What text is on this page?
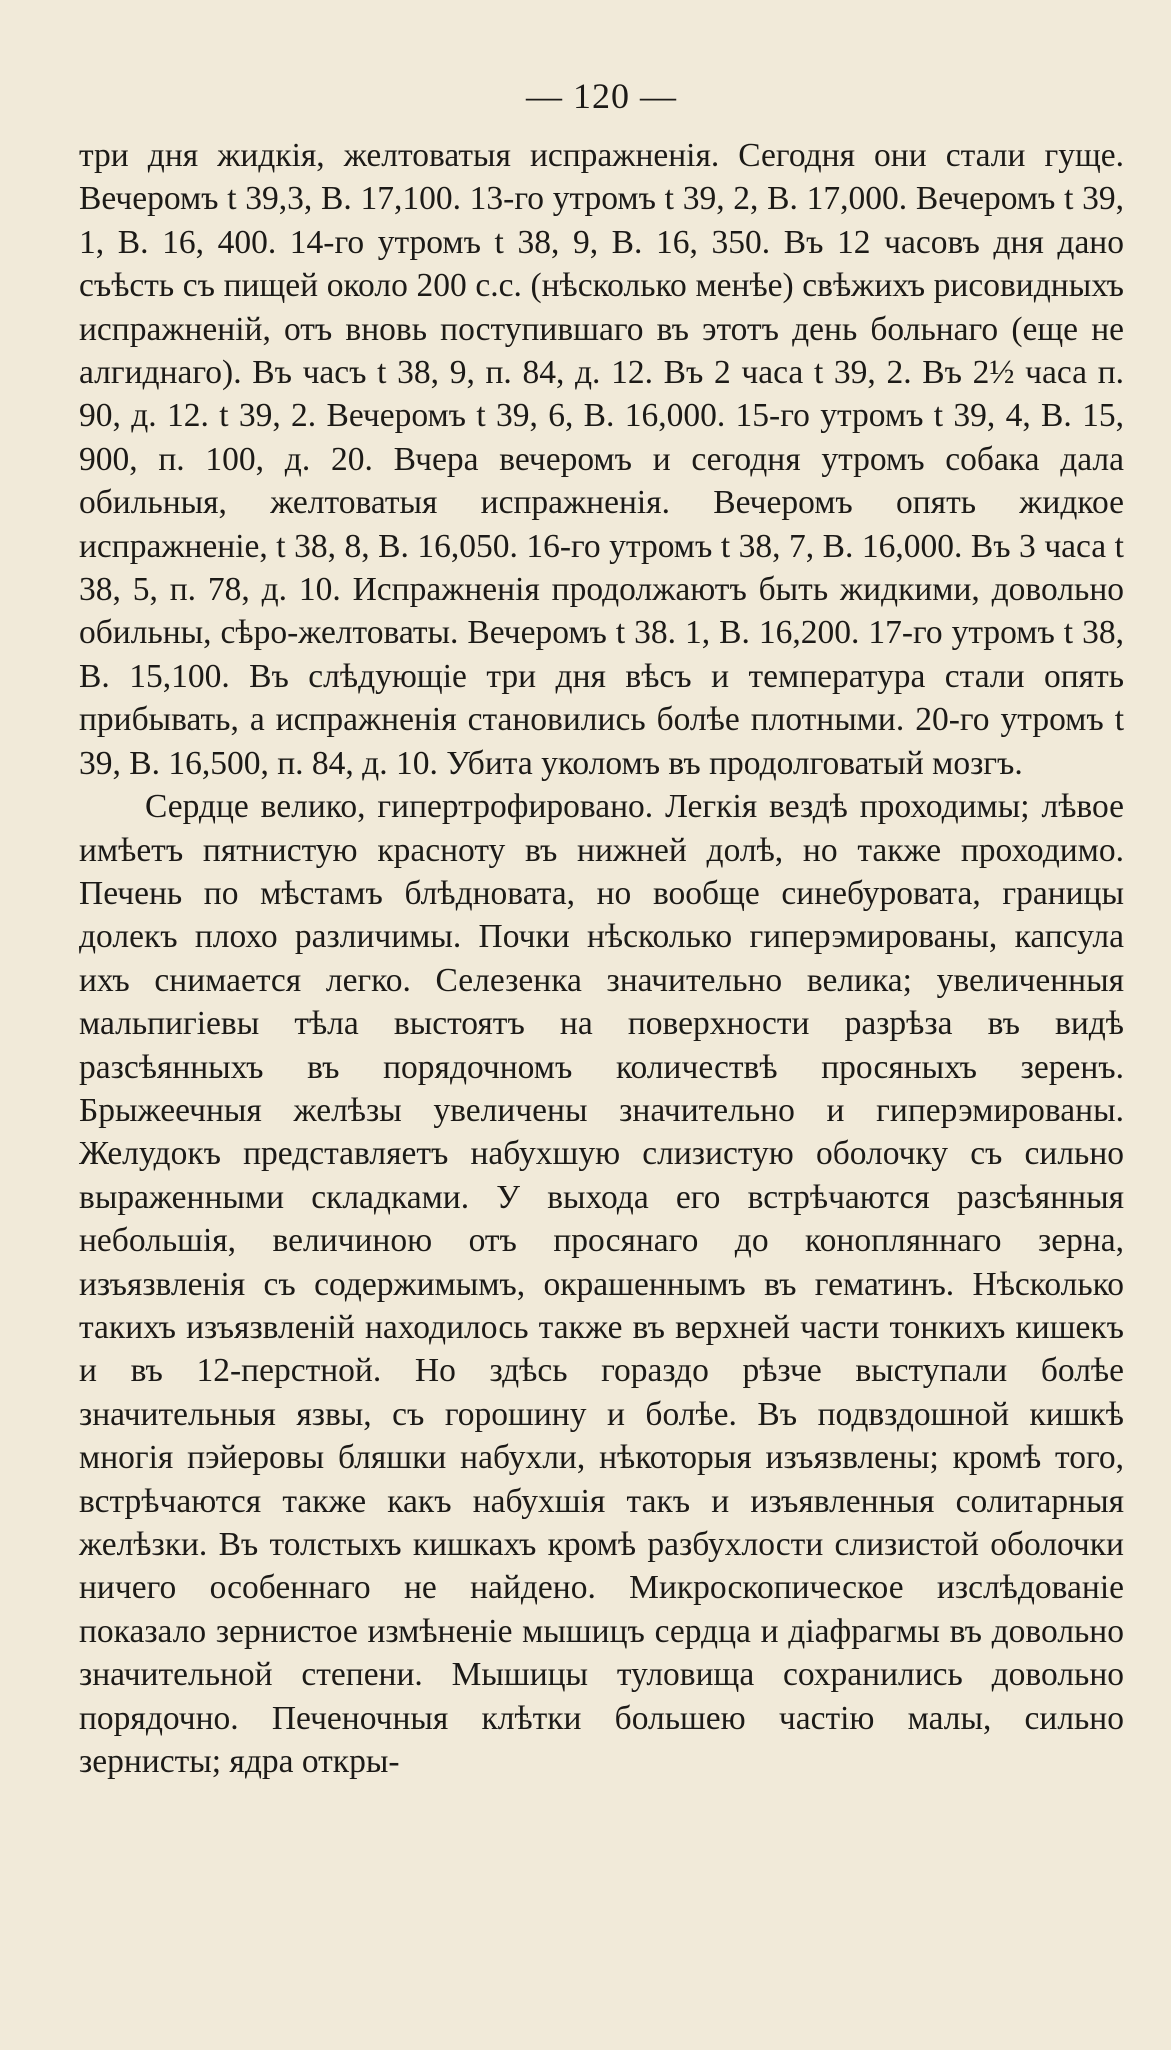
— 120 —

три дня жидкія, желтоватыя испражненія. Сегодня они стали гуще. Вечеромъ t 39,3, В. 17,100. 13-го утромъ t 39, 2, В. 17,000. Вечеромъ t 39, 1, В. 16, 400. 14-го утромъ t 38, 9, В. 16, 350. Въ 12 часовъ дня дано съѣсть съ пищей около 200 с.с. (нѣсколько менѣе) свѣжихъ рисовидныхъ испражненій, отъ вновь поступившаго въ этотъ день больнаго (еще не алгиднаго). Въ часъ t 38, 9, п. 84, д. 12. Въ 2 часа t 39, 2. Въ 2½ часа п. 90, д. 12. t 39, 2. Вечеромъ t 39, 6, В. 16,000. 15-го утромъ t 39, 4, В. 15, 900, п. 100, д. 20. Вчера вечеромъ и сегодня утромъ собака дала обильныя, желтоватыя испражненія. Вечеромъ опять жидкое испражненіе, t 38, 8, В. 16,050. 16-го утромъ t 38, 7, В. 16,000. Въ 3 часа t 38, 5, п. 78, д. 10. Испражненія продолжаютъ быть жидкими, довольно обильны, сѣро-желтоваты. Вечеромъ t 38. 1, В. 16,200. 17-го утромъ t 38, В. 15,100. Въ слѣдующіе три дня вѣсъ и температура стали опять прибывать, а испражненія становились болѣе плотными. 20-го утромъ t 39, В. 16,500, п. 84, д. 10. Убита уколомъ въ продолговатый мозгъ.

Сердце велико, гипертрофировано. Легкія вездѣ проходимы; лѣвое имѣетъ пятнистую красноту въ нижней долѣ, но также проходимо. Печень по мѣстамъ блѣдновата, но вообще синебуровата, границы долекъ плохо различимы. Почки нѣсколько гиперэмированы, капсула ихъ снимается легко. Селезенка значительно велика; увеличенныя мальпигіевы тѣла выстоятъ на поверхности разрѣза въ видѣ разсѣянныхъ въ порядочномъ количествѣ просяныхъ зеренъ. Брыжеечныя желѣзы увеличены значительно и гиперэмированы. Желудокъ представляетъ набухшую слизистую оболочку съ сильно выраженными складками. У выхода его встрѣчаются разсѣянныя небольшія, величиною отъ просянаго до конопляннаго зерна, изъязвленія съ содержимымъ, окрашеннымъ въ гематинъ. Нѣсколько такихъ изъязвленій находилось также въ верхней части тонкихъ кишекъ и въ 12-перстной. Но здѣсь гораздо рѣзче выступали болѣе значительныя язвы, съ горошину и болѣе. Въ подвздошной кишкѣ многія пэйеровы бляшки набухли, нѣкоторыя изъязвлены; кромѣ того, встрѣчаются также какъ набухшія такъ и изъявленныя солитарныя желѣзки. Въ толстыхъ кишкахъ кромѣ разбухлости слизистой оболочки ничего особеннаго не найдено. Микроскопическое изслѣдованіе показало зернистое измѣненіе мышицъ сердца и діафрагмы въ довольно значительной степени. Мышицы туловища сохранились довольно порядочно. Печеночныя клѣтки большею частію малы, сильно зернисты; ядра откры-
